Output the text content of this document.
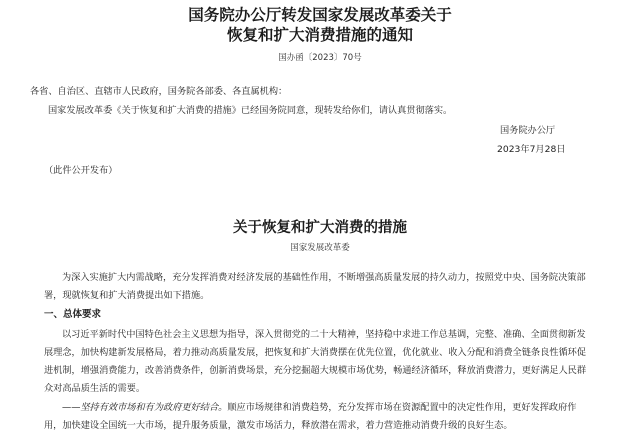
国务院办公厅转发国家发展改革委关于
恢复和扩大消费措施的通知
国办函〔2023〕70号
各省、自治区、直辖市人民政府，国务院各部委、各直属机构：
国家发展改革委《关于恢复和扩大消费的措施》已经国务院同意，现转发给你们，请认真贯彻落实。
国务院办公厅
2023年7月28日
（此件公开发布）
关于恢复和扩大消费的措施
国家发展改革委
为深入实施扩大内需战略，充分发挥消费对经济发展的基础性作用，不断增强高质量发展的持久动力，按照党中央、国务院决策部
署，现就恢复和扩大消费提出如下措施。
一、总体要求
以习近平新时代中国特色社会主义思想为指导，深入贯彻党的二十大精神，坚持稳中求进工作总基调，完整、准确、全面贯彻新发
展理念，加快构建新发展格局，着力推动高质量发展，把恢复和扩大消费摆在优先位置，优化就业、收入分配和消费全链条良性循环促
进机制，增强消费能力，改善消费条件，创新消费场景，充分挖掘超大规模市场优势，畅通经济循环，释放消费潜力，更好满足人民群
众对高品质生活的需要。
——坚持有效市场和有为政府更好结合。顺应市场规律和消费趋势，充分发挥市场在资源配置中的决定性作用，更好发挥政府作
用，加快建设全国统一大市场，提升服务质量，激发市场活力，释放潜在需求，着力营造推动消费升级的良好生态。
